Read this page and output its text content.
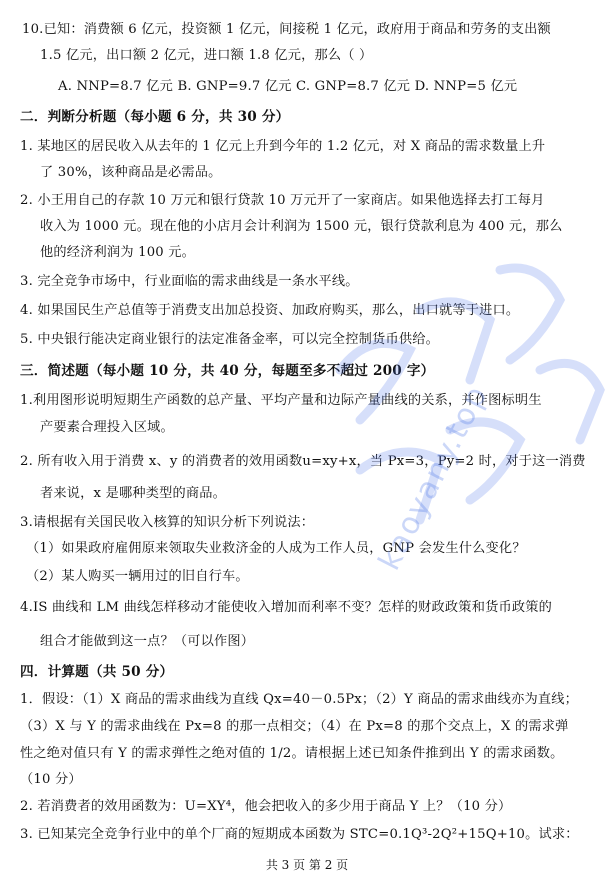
10.已知：消费额 6 亿元，投资额 1 亿元，间接税 1 亿元，政府用于商品和劳务的支出额
1.5 亿元，出口额 2 亿元，进口额 1.8 亿元，那么（ ）
A. NNP=8.7 亿元 B. GNP=9.7 亿元 C. GNP=8.7 亿元 D. NNP=5 亿元
二．判断分析题（每小题 6 分，共 30 分）
1. 某地区的居民收入从去年的 1 亿元上升到今年的 1.2 亿元，对 X 商品的需求数量上升
了 30%，该种商品是必需品。
2. 小王用自己的存款 10 万元和银行贷款 10 万元开了一家商店。如果他选择去打工每月
收入为 1000 元。现在他的小店月会计利润为 1500 元，银行贷款利息为 400 元，那么
他的经济利润为 100 元。
3. 完全竞争市场中，行业面临的需求曲线是一条水平线。
4. 如果国民生产总值等于消费支出加总投资、加政府购买，那么，出口就等于进口。
5. 中央银行能决定商业银行的法定准备金率，可以完全控制货币供给。
三．简述题（每小题 10 分，共 40 分，每题至多不超过 200 字）
1.利用图形说明短期生产函数的总产量、平均产量和边际产量曲线的关系，并作图标明生
产要素合理投入区域。
2. 所有收入用于消费 x、y 的消费者的效用函数u=xy+x，当 Px=3，Py=2 时，对于这一消费
者来说，x 是哪种类型的商品。
3.请根据有关国民收入核算的知识分析下列说法：
（1）如果政府雇佣原来领取失业救济金的人成为工作人员，GNP 会发生什么变化？
（2）某人购买一辆用过的旧自行车。
4.IS 曲线和 LM 曲线怎样移动才能使收入增加而利率不变？怎样的财政政策和货币政策的
组合才能做到这一点？（可以作图）
四．计算题（共 50 分）
1．假设：（1）X 商品的需求曲线为直线 Qx=40－0.5Px；（2）Y 商品的需求曲线亦为直线；
（3）X 与 Y 的需求曲线在 Px=8 的那一点相交；（4）在 Px=8 的那个交点上，X 的需求弹
性之绝对值只有 Y 的需求弹性之绝对值的 1/2。请根据上述已知条件推到出 Y 的需求函数。
（10 分）
2. 若消费者的效用函数为：U=XY⁴，他会把收入的多少用于商品 Y 上？（10 分）
3. 已知某完全竞争行业中的单个厂商的短期成本函数为 STC=0.1Q³-2Q²+15Q+10。试求：
共 3 页 第 2 页
kaoyany.top
